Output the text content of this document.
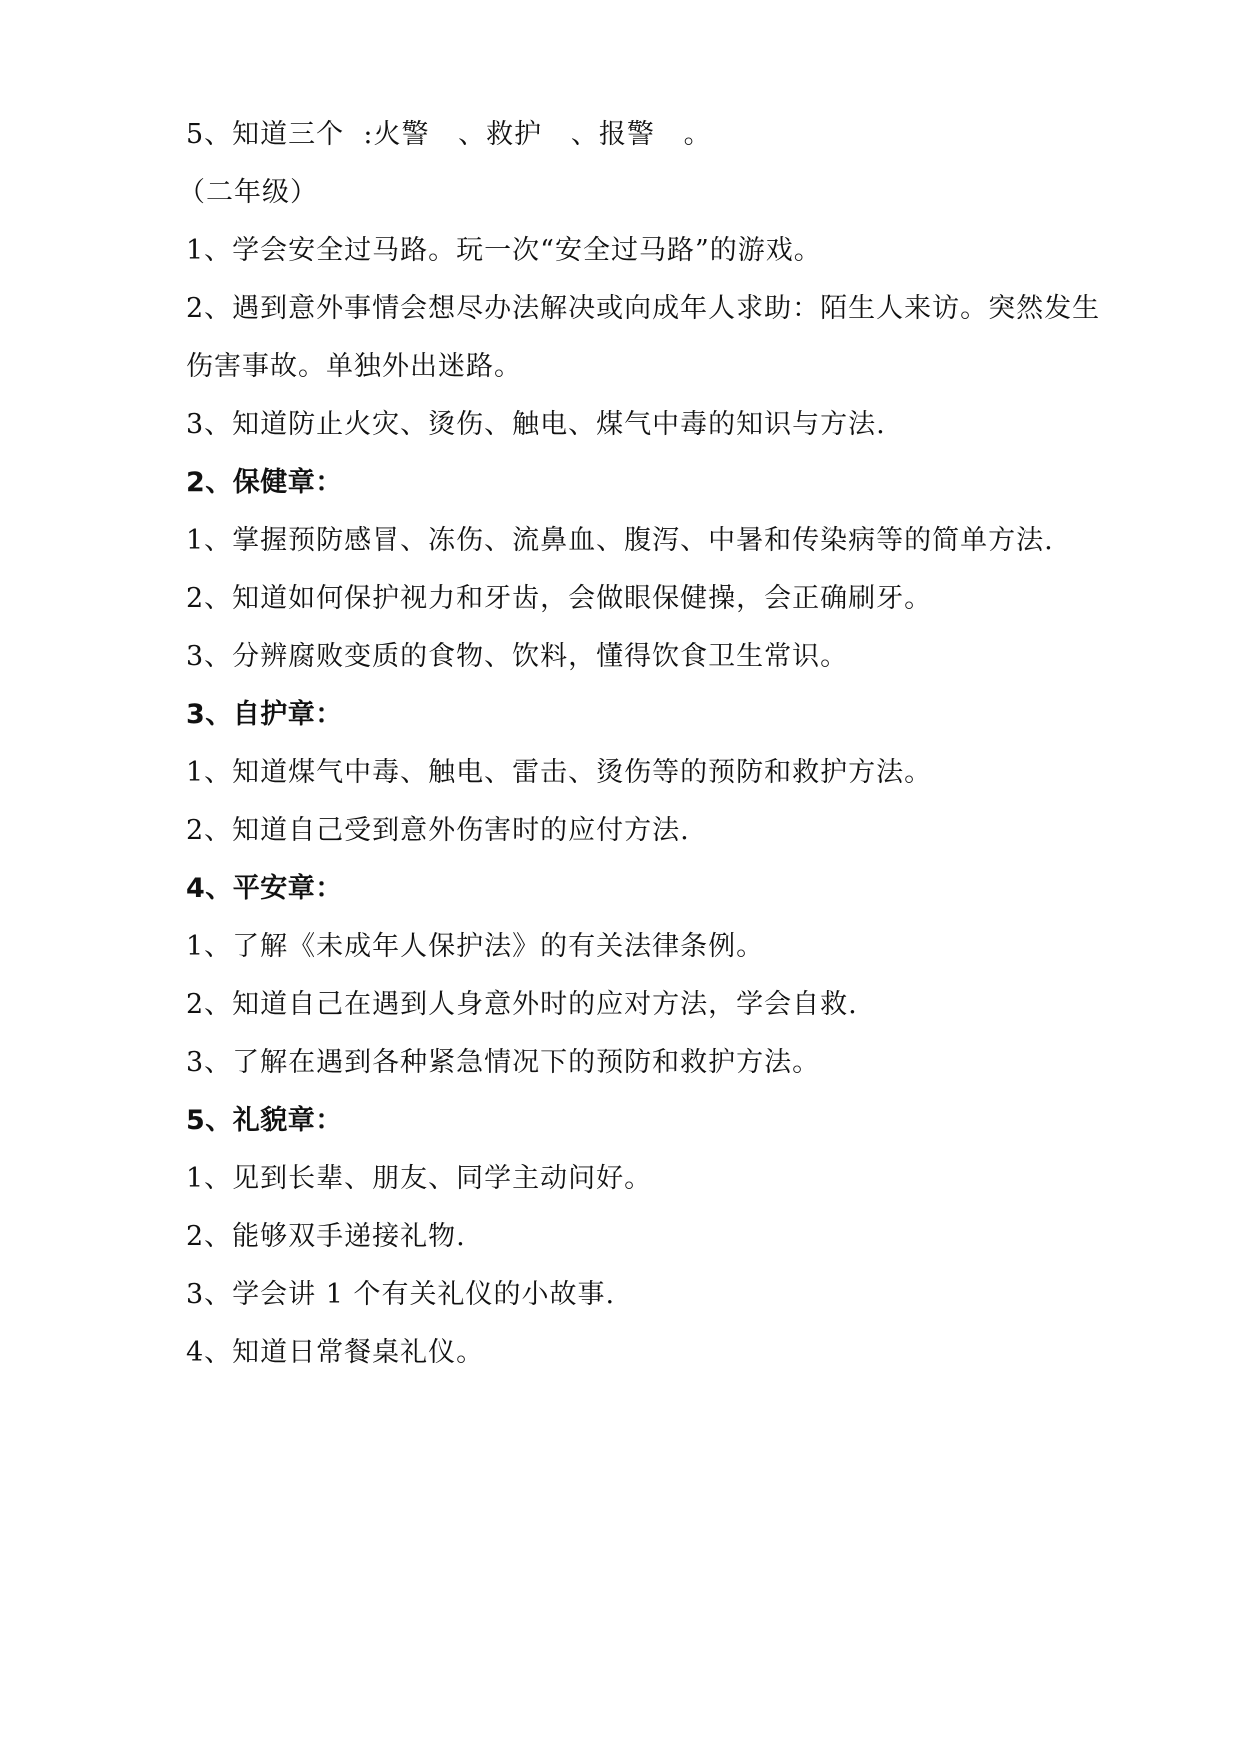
5、知道三个  :火警   、救护   、报警   。
（二年级）
1、学会安全过马路。玩一次“安全过马路”的游戏。
2、遇到意外事情会想尽办法解决或向成年人求助：陌生人来访。突然发生
伤害事故。单独外出迷路。
3、知道防止火灾、烫伤、触电、煤气中毒的知识与方法.
2、保健章：
1、掌握预防感冒、冻伤、流鼻血、腹泻、中暑和传染病等的简单方法.
2、知道如何保护视力和牙齿，会做眼保健操，会正确刷牙。
3、分辨腐败变质的食物、饮料，懂得饮食卫生常识。
3、自护章：
1、知道煤气中毒、触电、雷击、烫伤等的预防和救护方法。
2、知道自己受到意外伤害时的应付方法.
4、平安章：
1、了解《未成年人保护法》的有关法律条例。
2、知道自己在遇到人身意外时的应对方法，学会自救.
3、了解在遇到各种紧急情况下的预防和救护方法。
5、礼貌章：
1、见到长辈、朋友、同学主动问好。
2、能够双手递接礼物.
3、学会讲 1 个有关礼仪的小故事.
4、知道日常餐桌礼仪。
